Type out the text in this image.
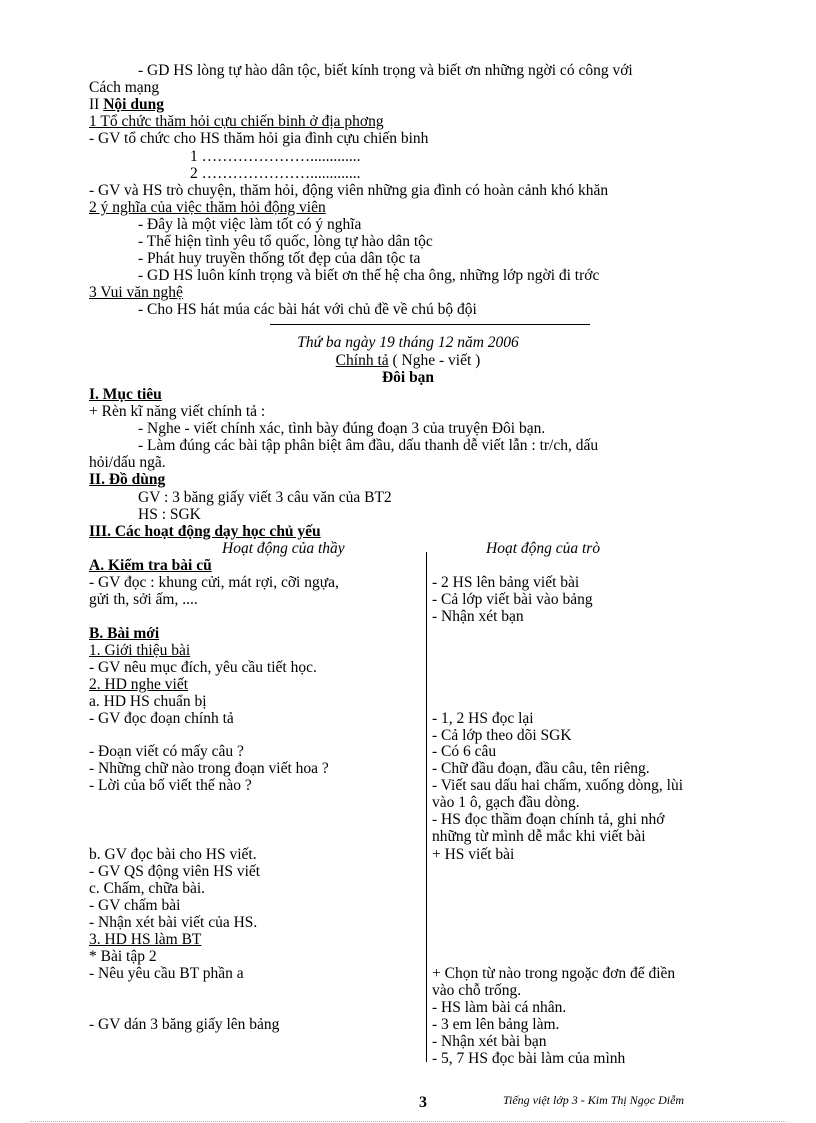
- GD HS lòng tự hào dân tộc, biết kính trọng và biết ơn những ngời có công với
Cách mạng
II Nội dung
1 Tổ chức thăm hỏi cựu chiến binh ở địa phơng
- GV tổ chức cho HS thăm hỏi gia đình cựu chiến binh
1 ………………….............
2 ………………….............
- GV và HS trò chuyện, thăm hỏi, động viên những gia đình có hoàn cảnh khó khăn
2 ý nghĩa của việc thăm hỏi động viên
- Đây là một việc làm tốt có ý nghĩa
- Thể hiện tình yêu tổ quốc, lòng tự hào dân tộc
- Phát huy truyền thống tốt đẹp của dân tộc ta
- GD HS luôn kính trọng và biết ơn thế hệ cha ông, những lớp ngời đi trớc
3 Vui văn nghệ
- Cho HS hát múa các bài hát với chủ đề về chú bộ đội
Thứ ba ngày 19 tháng 12 năm 2006
Chính tả ( Nghe - viết )
Đôi bạn
I. Mục tiêu
+ Rèn kĩ năng viết chính tả :
- Nghe - viết chính xác, tình bày đúng đoạn 3 của truyện Đôi bạn.
- Làm đúng các bài tập phân biệt âm đầu, dấu thanh dễ viết lẫn : tr/ch, dấu
hỏi/dấu ngã.
II. Đồ dùng
GV : 3 băng giấy viết 3 câu văn của BT2
HS : SGK
III. Các hoạt động dạy học chủ yếu
Hoạt động của thầy	Hoạt động của trò
A. Kiểm tra bài cũ
- GV đọc : khung cửi, mát rợi, cỡi ngựa,
gửi th, sởi ấm, ....
B. Bài mới
1. Giới thiệu bài
- GV nêu mục đích, yêu cầu tiết học.
2. HD nghe viết
a. HD HS chuẩn bị
- GV đọc đoạn chính tả
- Đoạn viết có mấy câu ?
- Những chữ nào trong đoạn viết hoa ?
- Lời của bố viết thế nào ?
b. GV đọc bài cho HS viết.
- GV QS động viên HS viết
c. Chấm, chữa bài.
- GV chấm bài
- Nhận xét bài viết của HS.
3. HD HS làm BT
* Bài tập 2
- Nêu yêu cầu BT phần a
- GV dán 3 băng giấy lên bảng
- 2 HS lên bảng viết bài
- Cả lớp viết bài vào bảng
- Nhận xét bạn
- 1, 2 HS đọc lại
- Cả lớp theo dõi SGK
- Có 6 câu
- Chữ đầu đoạn, đầu câu, tên riêng.
- Viết sau dấu hai chấm, xuống dòng, lùi
vào 1 ô, gạch đầu dòng.
- HS đọc thầm đoạn chính tả, ghi nhớ
những từ mình dễ mắc khi viết bài
+ HS viết bài
+ Chọn từ nào trong ngoặc đơn để điền
vào chỗ trống.
- HS làm bài cá nhân.
- 3 em lên bảng làm.
- Nhận xét bài bạn
- 5, 7 HS đọc bài làm của mình
3	Tiếng việt lớp 3 - Kim Thị Ngọc Diễm
